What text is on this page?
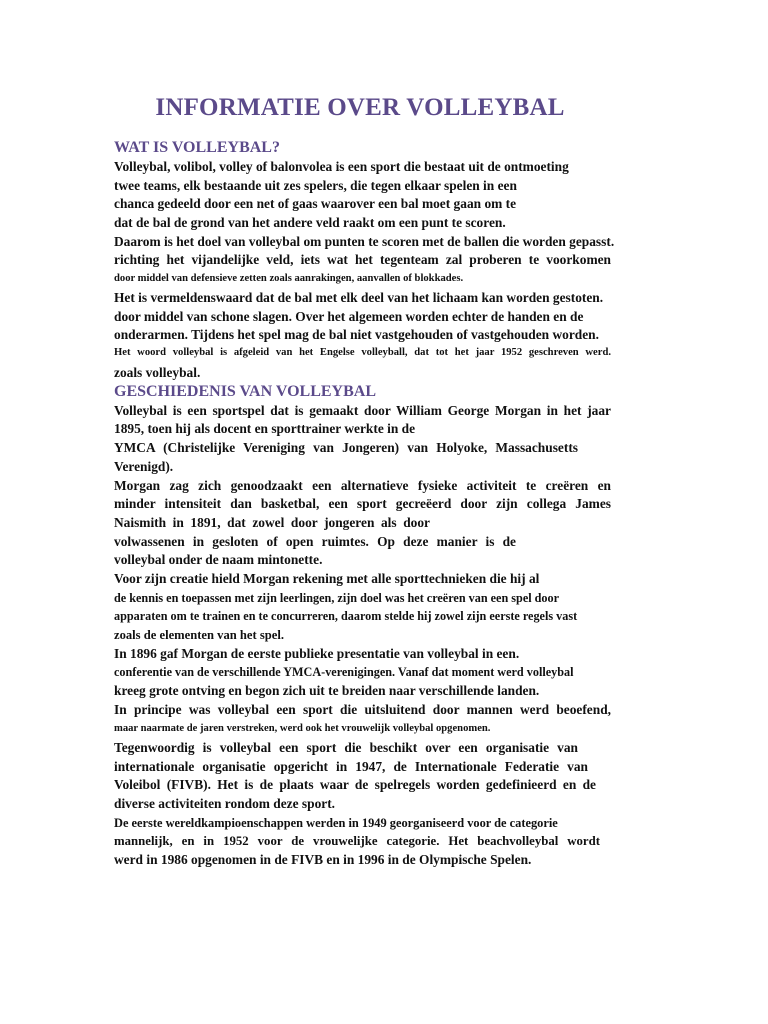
INFORMATIE OVER VOLLEYBAL
WAT IS VOLLEYBAL?
Volleybal, volibol, volley of balonvolea is een sport die bestaat uit de ontmoeting
twee teams, elk bestaande uit zes spelers, die tegen elkaar spelen in een
chanca gedeeld door een net of gaas waarover een bal moet gaan om te
dat de bal de grond van het andere veld raakt om een punt te scoren.
Daarom is het doel van volleybal om punten te scoren met de ballen die worden gepasst.
richting het vijandelijke veld, iets wat het tegenteam zal proberen te voorkomen
door middel van defensieve zetten zoals aanrakingen, aanvallen of blokkades.
Het is vermeldenswaard dat de bal met elk deel van het lichaam kan worden gestoten.
door middel van schone slagen. Over het algemeen worden echter de handen en de
onderarmen. Tijdens het spel mag de bal niet vastgehouden of vastgehouden worden.
Het woord volleybal is afgeleid van het Engelse volleyball, dat tot het jaar 1952 geschreven werd.
zoals volleybal.
GESCHIEDENIS VAN VOLLEYBAL
Volleybal is een sportspel dat is gemaakt door William George Morgan in het jaar
1895, toen hij als docent en sporttrainer werkte in de
YMCA (Christelijke Vereniging van Jongeren) van Holyoke, Massachusetts
Verenigd).
Morgan zag zich genoodzaakt een alternatieve fysieke activiteit te creëren en
minder intensiteit dan basketbal, een sport gecreëerd door zijn collega James
Naismith in 1891, dat zowel door jongeren als door
volwassenen in gesloten of open ruimtes. Op deze manier is de
volleybal onder de naam mintonette.
Voor zijn creatie hield Morgan rekening met alle sporttechnieken die hij al
de kennis en toepassen met zijn leerlingen, zijn doel was het creëren van een spel door
apparaten om te trainen en te concurreren, daarom stelde hij zowel zijn eerste regels vast
zoals de elementen van het spel.
In 1896 gaf Morgan de eerste publieke presentatie van volleybal in een.
conferentie van de verschillende YMCA-verenigingen. Vanaf dat moment werd volleybal
kreeg grote ontving en begon zich uit te breiden naar verschillende landen.
In principe was volleybal een sport die uitsluitend door mannen werd beoefend,
maar naarmate de jaren verstreken, werd ook het vrouwelijk volleybal opgenomen.
Tegenwoordig is volleybal een sport die beschikt over een organisatie van
internationale organisatie opgericht in 1947, de Internationale Federatie van
Voleibol (FIVB). Het is de plaats waar de spelregels worden gedefinieerd en de
diverse activiteiten rondom deze sport.
De eerste wereldkampioenschappen werden in 1949 georganiseerd voor de categorie
mannelijk, en in 1952 voor de vrouwelijke categorie. Het beachvolleybal wordt
werd in 1986 opgenomen in de FIVB en in 1996 in de Olympische Spelen.
